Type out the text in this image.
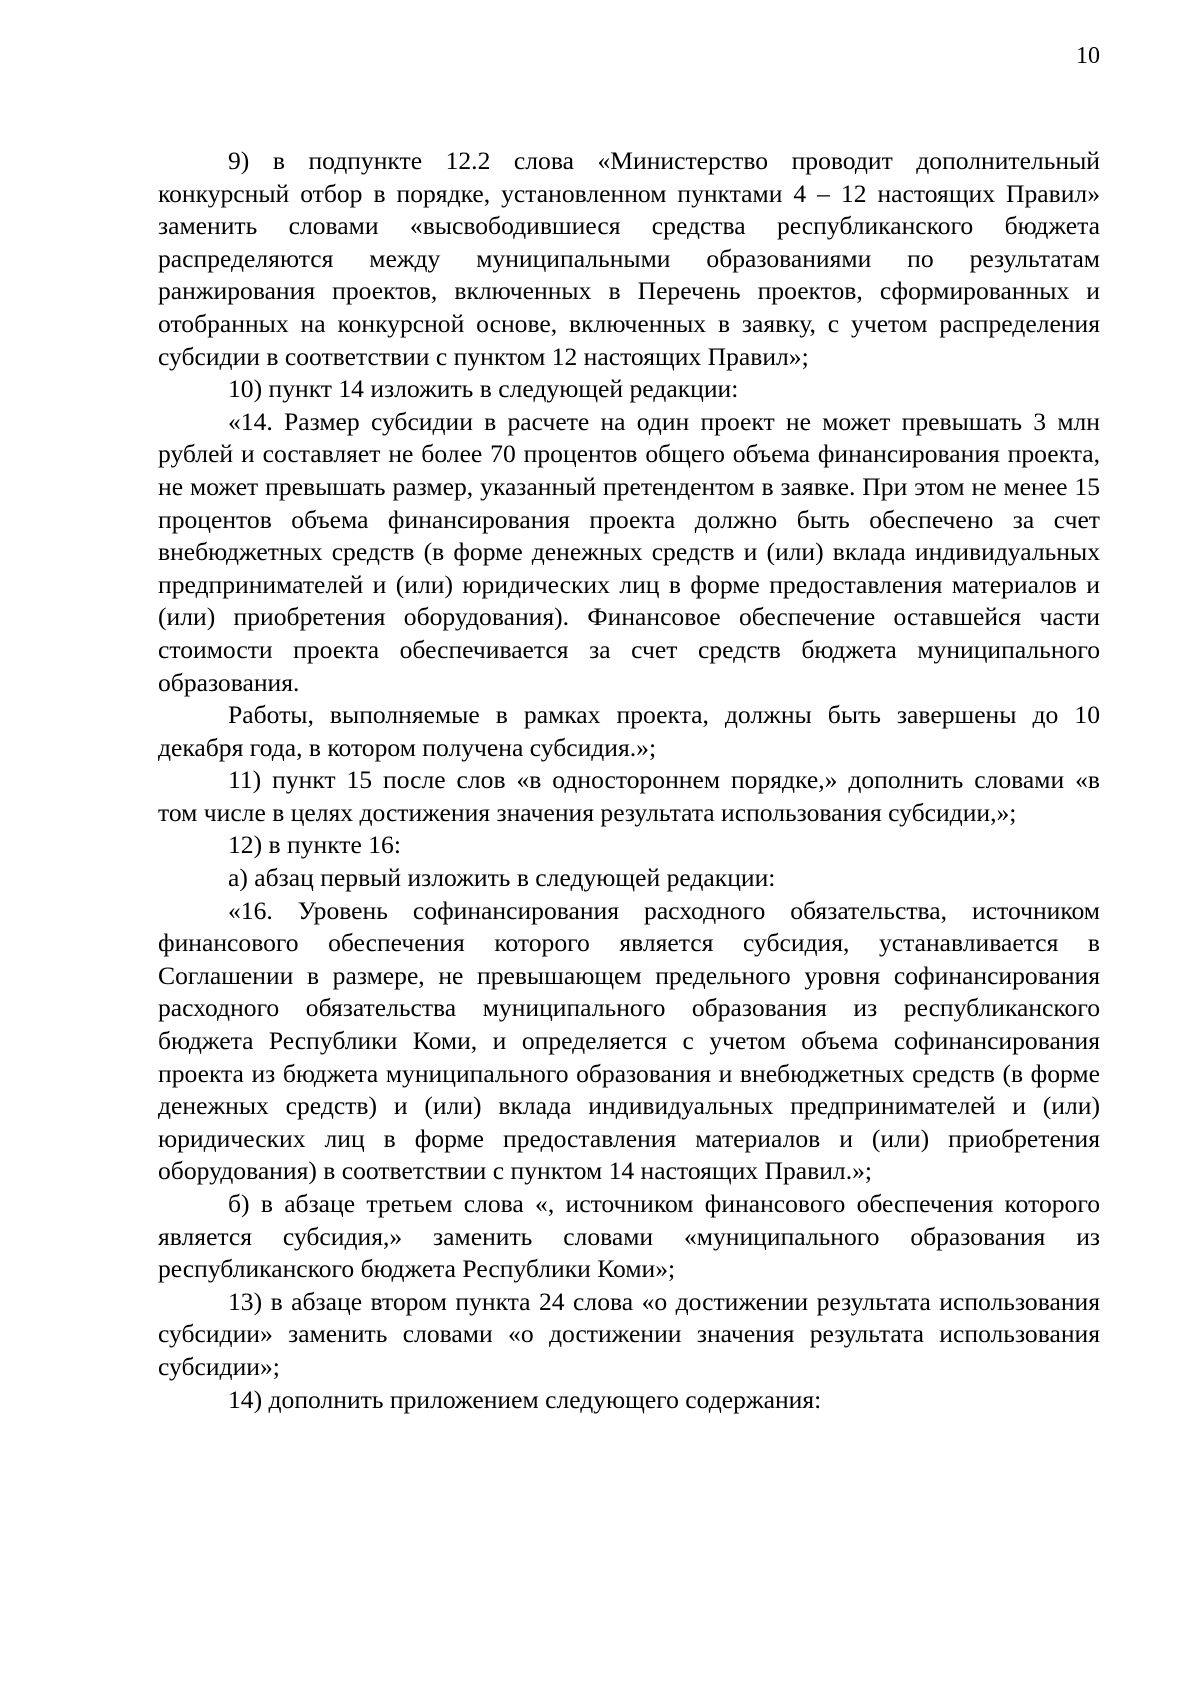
10

9) в подпункте 12.2 слова «Министерство проводит дополнительный конкурсный отбор в порядке, установленном пунктами 4 – 12 настоящих Правил» заменить словами «высвободившиеся средства республиканского бюджета распределяются между муниципальными образованиями по результатам ранжирования проектов, включенных в Перечень проектов, сформированных и отобранных на конкурсной основе, включенных в заявку, с учетом распределения субсидии в соответствии с пунктом 12 настоящих Правил»;

10) пункт 14 изложить в следующей редакции:

«14. Размер субсидии в расчете на один проект не может превышать 3 млн рублей и составляет не более 70 процентов общего объема финансирования проекта, не может превышать размер, указанный претендентом в заявке. При этом не менее 15 процентов объема финансирования проекта должно быть обеспечено за счет внебюджетных средств (в форме денежных средств и (или) вклада индивидуальных предпринимателей и (или) юридических лиц в форме предоставления материалов и (или) приобретения оборудования). Финансовое обеспечение оставшейся части стоимости проекта обеспечивается за счет средств бюджета муниципального образования.

Работы, выполняемые в рамках проекта, должны быть завершены до 10 декабря года, в котором получена субсидия.»;

11) пункт 15 после слов «в одностороннем порядке,» дополнить словами «в том числе в целях достижения значения результата использования субсидии,»;

12) в пункте 16:

а) абзац первый изложить в следующей редакции:

«16. Уровень софинансирования расходного обязательства, источником финансового обеспечения которого является субсидия, устанавливается в Соглашении в размере, не превышающем предельного уровня софинансирования расходного обязательства муниципального образования из республиканского бюджета Республики Коми, и определяется с учетом объема софинансирования проекта из бюджета муниципального образования и внебюджетных средств (в форме денежных средств) и (или) вклада индивидуальных предпринимателей и (или) юридических лиц в форме предоставления материалов и (или) приобретения оборудования) в соответствии с пунктом 14 настоящих Правил.»;

б) в абзаце третьем слова «, источником финансового обеспечения которого является субсидия,» заменить словами «муниципального образования из республиканского бюджета Республики Коми»;

13) в абзаце втором пункта 24 слова «о достижении результата использования субсидии» заменить словами «о достижении значения результата использования субсидии»;

14) дополнить приложением следующего содержания:
